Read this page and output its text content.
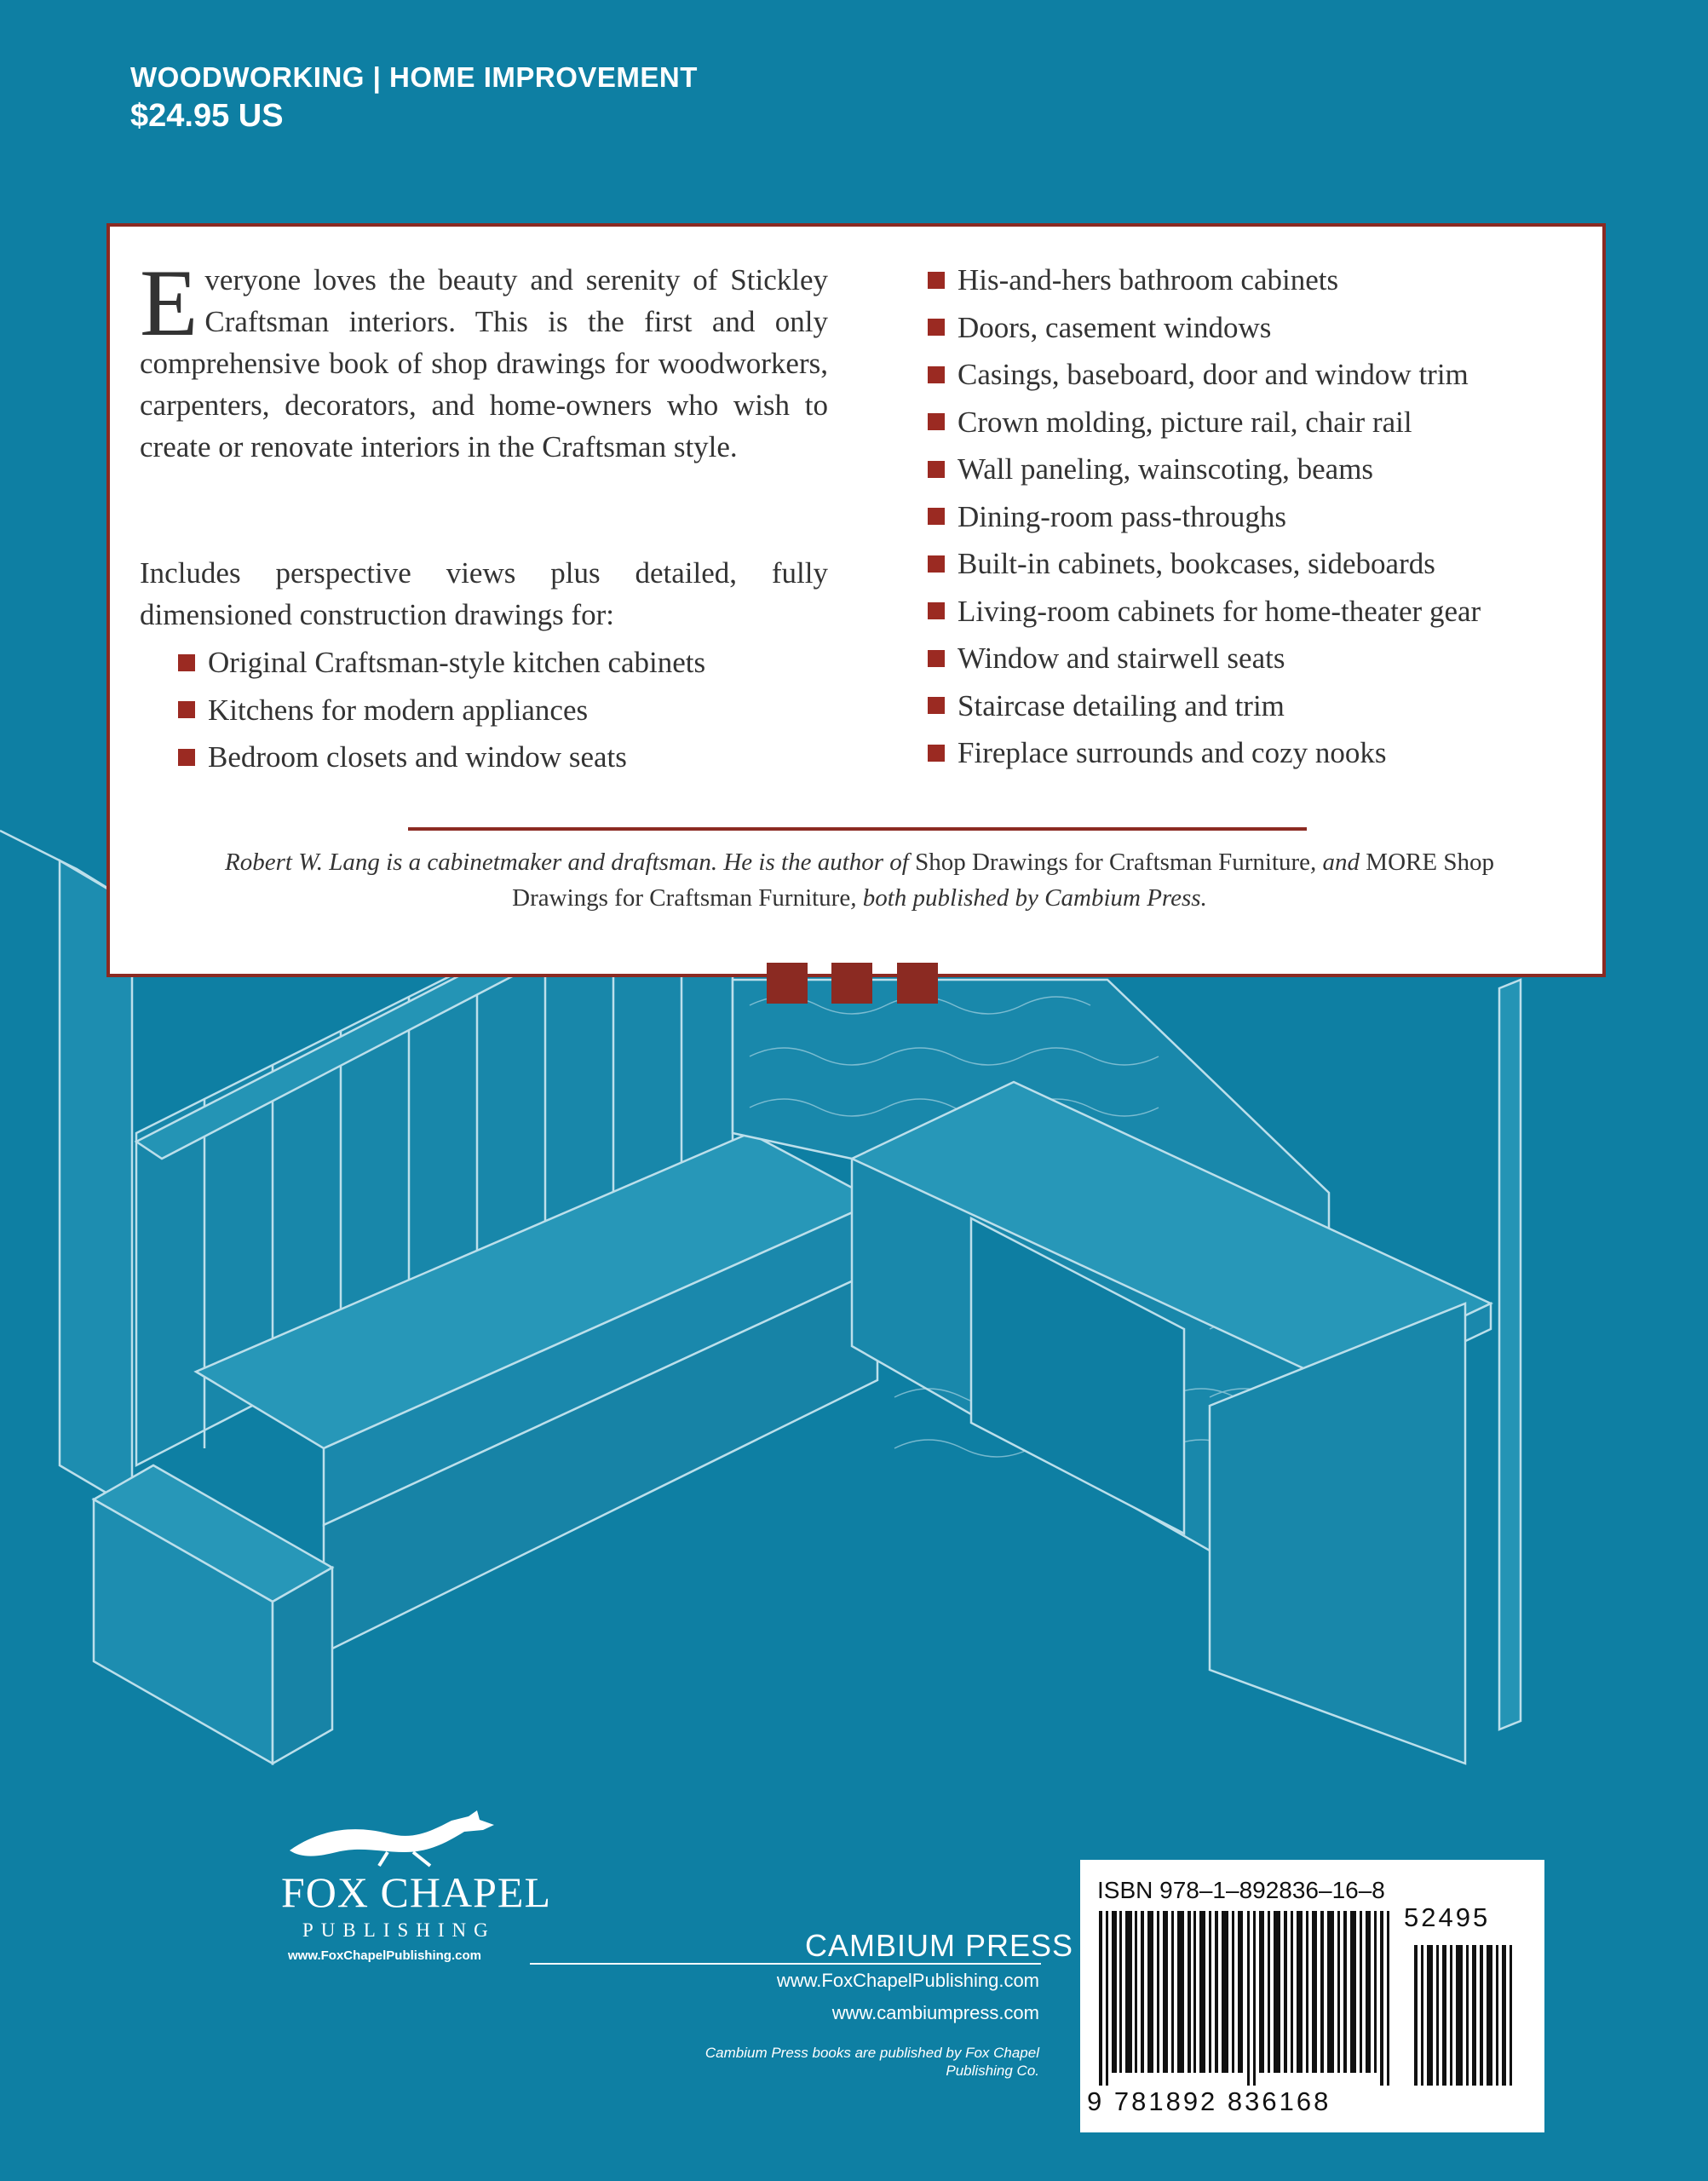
WOODWORKING | HOME IMPROVEMENT
$24.95 US
Everyone loves the beauty and serenity of Stickley Craftsman interiors. This is the first and only comprehensive book of shop drawings for woodworkers, carpenters, decorators, and home-owners who wish to create or renovate interiors in the Craftsman style.
Includes perspective views plus detailed, fully dimensioned construction drawings for:
Original Craftsman-style kitchen cabinets
Kitchens for modern appliances
Bedroom closets and window seats
His-and-hers bathroom cabinets
Doors, casement windows
Casings, baseboard, door and window trim
Crown molding, picture rail, chair rail
Wall paneling, wainscoting, beams
Dining-room pass-throughs
Built-in cabinets, bookcases, sideboards
Living-room cabinets for home-theater gear
Window and stairwell seats
Staircase detailing and trim
Fireplace surrounds and cozy nooks
Robert W. Lang is a cabinetmaker and draftsman. He is the author of Shop Drawings for Craftsman Furniture, and MORE Shop Drawings for Craftsman Furniture, both published by Cambium Press.
FOX CHAPEL
PUBLISHING
www.FoxChapelPublishing.com	CAMBIUM PRESS
www.FoxChapelPublishing.com
www.cambiumpress.com
Cambium Press books are published by Fox Chapel Publishing Co.
ISBN 978–1–892836–16–8
52495
9 781892 836168
